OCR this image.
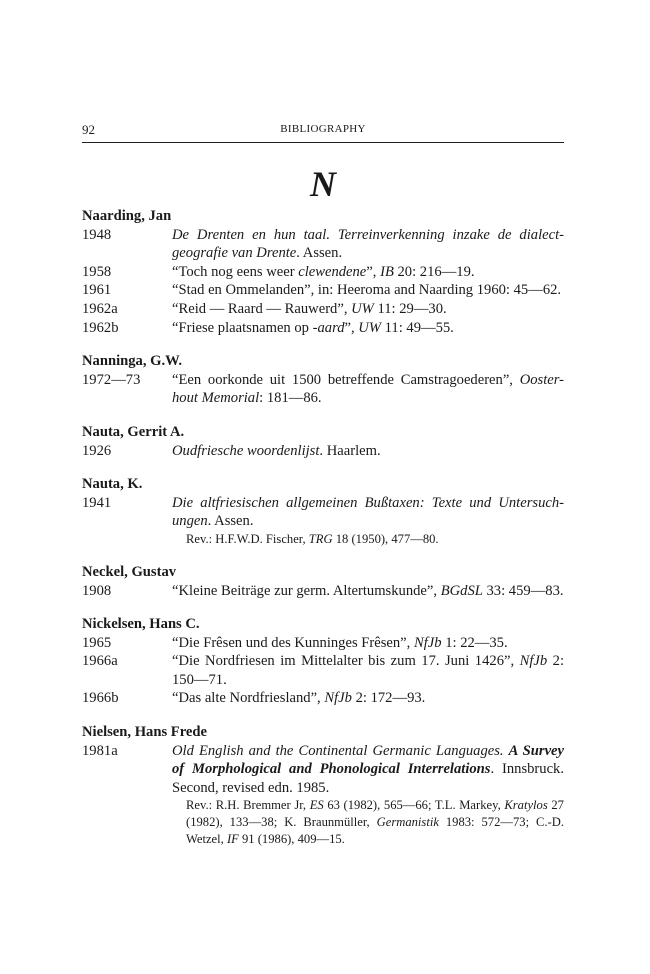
92	BIBLIOGRAPHY
N
Naarding, Jan
1948	De Drenten en hun taal. Terreinverkenning inzake de dialect-geografie van Drente. Assen.
1958	“Toch nog eens weer clewendene”, IB 20: 216—19.
1961	“Stad en Ommelanden”, in: Heeroma and Naarding 1960: 45—62.
1962a	“Reid — Raard — Rauwerd”, UW 11: 29—30.
1962b	“Friese plaatsnamen op -aard”, UW 11: 49—55.
Nanninga, G.W.
1972—73	“Een oorkonde uit 1500 betreffende Camstragoederen”, Ooster-hout Memorial: 181—86.
Nauta, Gerrit A.
1926	Oudfriesche woordenlijst. Haarlem.
Nauta, K.
1941	Die altfriesischen allgemeinen Bußtaxen: Texte und Untersuch-ungen. Assen.
Rev.: H.F.W.D. Fischer, TRG 18 (1950), 477—80.
Neckel, Gustav
1908	“Kleine Beiträge zur germ. Altertumskunde”, BGdSL 33: 459—83.
Nickelsen, Hans C.
1965	“Die Frêsen und des Kunninges Frêsen”, NfJb 1: 22—35.
1966a	“Die Nordfriesen im Mittelalter bis zum 17. Juni 1426”, NfJb 2: 150—71.
1966b	“Das alte Nordfriesland”, NfJb 2: 172—93.
Nielsen, Hans Frede
1981a	Old English and the Continental Germanic Languages. A Survey of Morphological and Phonological Interrelations. Innsbruck. Second, revised edn. 1985.
Rev.: R.H. Bremmer Jr, ES 63 (1982), 565—66; T.L. Markey, Kratylos 27 (1982), 133—38; K. Braunmüller, Germanistik 1983: 572—73; C.-D. Wetzel, IF 91 (1986), 409—15.
